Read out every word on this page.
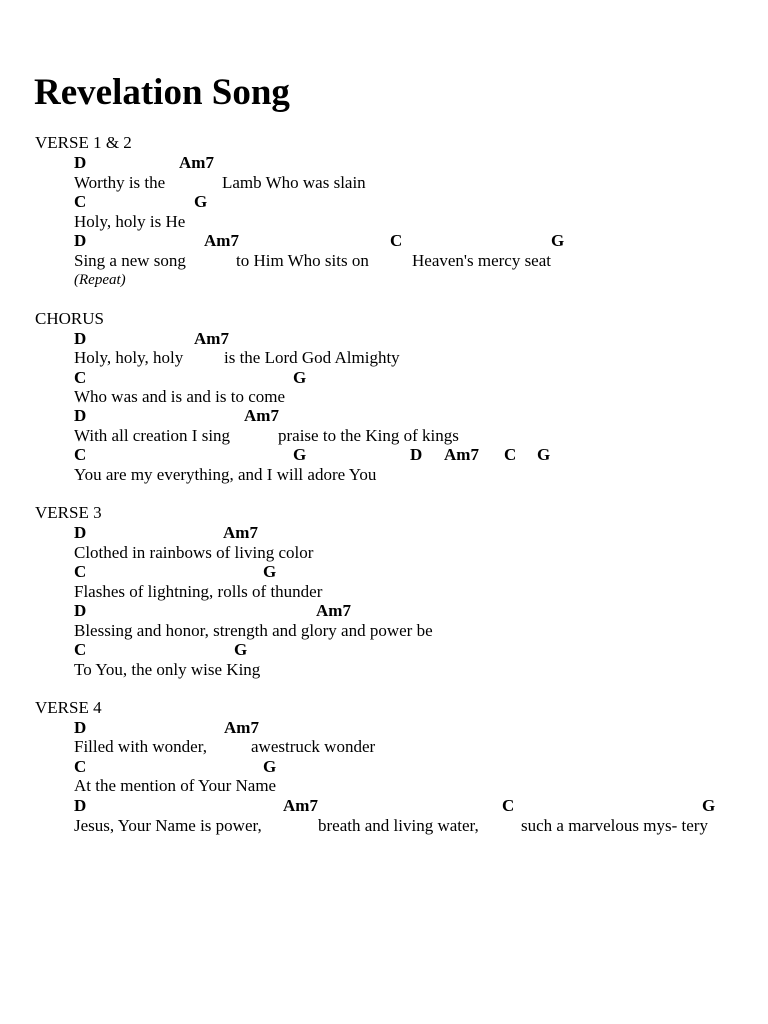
Revelation Song
VERSE 1 & 2
D	Am7
Worthy is the	Lamb Who was slain
C	G
Holy, holy is He
D	Am7	C	G
Sing a new song	to Him Who sits on	Heaven's mercy seat
(Repeat)
CHORUS
D	Am7
Holy, holy, holy is the Lord God Almighty
C	G
Who was and is and is to come
D	Am7
With all creation I sing	praise to the King of kings
C	G	D Am7 C G
You are my everything, and I will adore You
VERSE 3
D	Am7
Clothed in rainbows of living color
C	G
Flashes of lightning, rolls of thunder
D	Am7
Blessing and honor, strength and glory and power be
C	G
To You, the only wise King
VERSE 4
D	Am7
Filled with wonder,	awestruck wonder
C	G
At the mention of Your Name
D	Am7	C	G
Jesus, Your Name is power,	breath and living water, such a marvelous mys- tery
